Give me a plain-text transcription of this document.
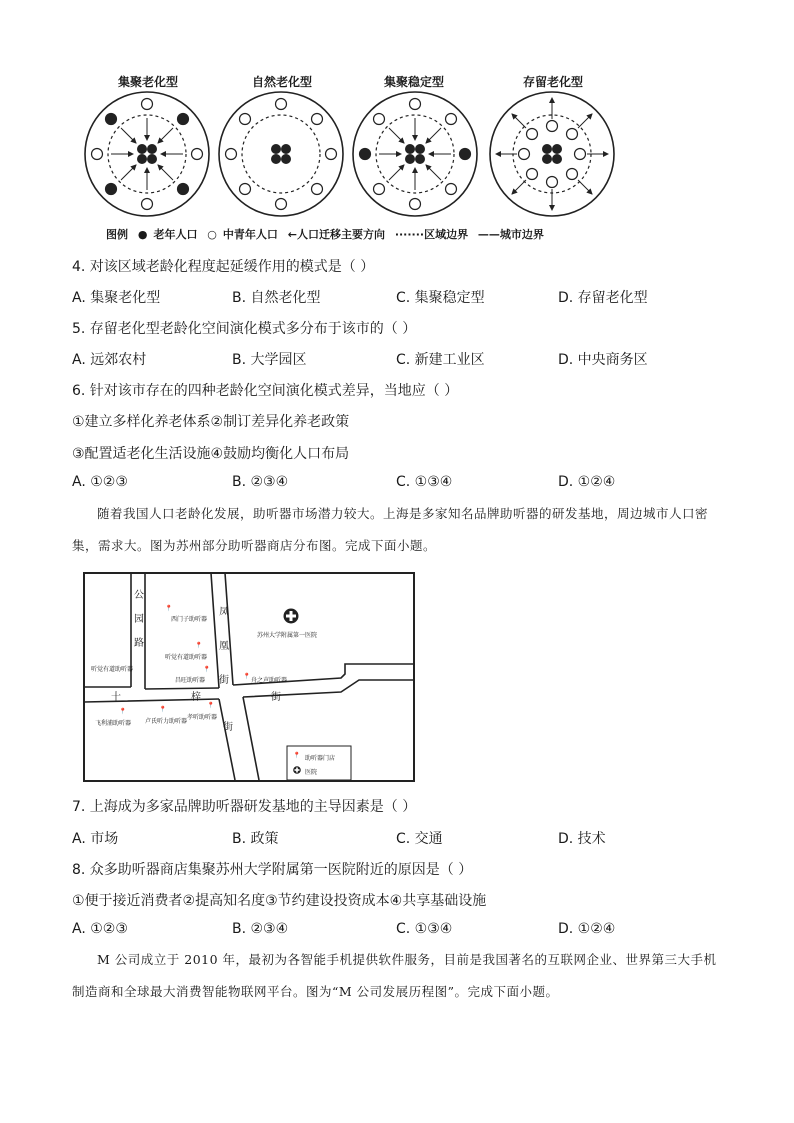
集聚老化型	自然老化型	集聚稳定型	存留老化型
图例 ● 老年人口 ○ 中青年人口 ←人口迁移主要方向 ·······区域边界 ——城市边界
4. 对该区域老龄化程度起延缓作用的模式是（ ）
A. 集聚老化型	B. 自然老化型	C. 集聚稳定型	D. 存留老化型
5. 存留老化型老龄化空间演化模式多分布于该市的（ ）
A. 远郊农村	B. 大学园区	C. 新建工业区	D. 中央商务区
6. 针对该市存在的四种老龄化空间演化模式差异，当地应（ ）
①建立多样化养老体系②制订差异化养老政策
③配置适老化生活设施④鼓励均衡化人口布局
A. ①②③	B. ②③④	C. ①③④	D. ①②④
随着我国人口老龄化发展，助听器市场潜力较大。上海是多家知名品牌助听器的研发基地，周边城市人口密集，需求大。图为苏州部分助听器商店分布图。完成下面小题。
公园路
凤凰街
十梓街
街
📍
西门子助听器
📍
听觉有道助听器
听觉有道助听器	📍
昌旺助听器
📍
舟之声助听器
📍
飞利浦助听器
📍
卢氏听力助听器
📍
孝听助听器
苏州大学附属第一医院
📍 助听器门店
医院
7. 上海成为多家品牌助听器研发基地的主导因素是（ ）
A. 市场	B. 政策	C. 交通	D. 技术
8. 众多助听器商店集聚苏州大学附属第一医院附近的原因是（ ）
①便于接近消费者②提高知名度③节约建设投资成本④共享基础设施
A. ①②③	B. ②③④	C. ①③④	D. ①②④
M 公司成立于 2010 年，最初为各智能手机提供软件服务，目前是我国著名的互联网企业、世界第三大手机制造商和全球最大消费智能物联网平台。图为“M 公司发展历程图”。完成下面小题。
